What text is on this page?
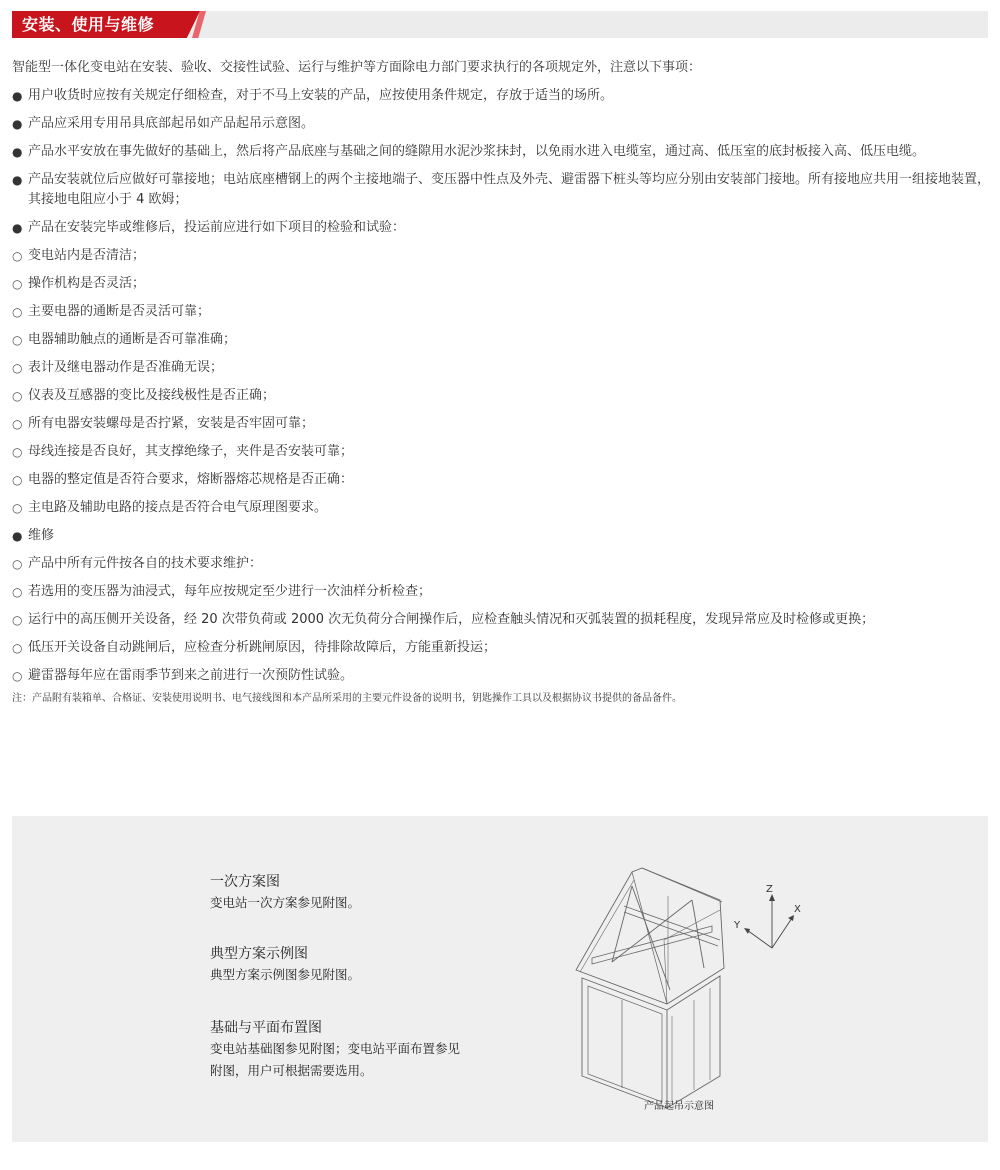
安装、使用与维修

智能型一体化变电站在安装、验收、交接性试验、运行与维护等方面除电力部门要求执行的各项规定外，注意以下事项：

● 用户收货时应按有关规定仔细检查，对于不马上安装的产品，应按使用条件规定，存放于适当的场所。
● 产品应采用专用吊具底部起吊如产品起吊示意图。
● 产品水平安放在事先做好的基础上，然后将产品底座与基础之间的缝隙用水泥沙浆抹封，以免雨水进入电缆室，通过高、低压室的底封板接入高、低压电缆。
● 产品安装就位后应做好可靠接地；电站底座槽钢上的两个主接地端子、变压器中性点及外壳、避雷器下桩头等均应分别由安装部门接地。所有接地应共用一组接地装置，其接地电阻应小于 4 欧姆；
● 产品在安装完毕或维修后，投运前应进行如下项目的检验和试验：
○ 变电站内是否清洁；
○ 操作机构是否灵活；
○ 主要电器的通断是否灵活可靠；
○ 电器辅助触点的通断是否可靠准确；
○ 表计及继电器动作是否准确无误；
○ 仪表及互感器的变比及接线极性是否正确；
○ 所有电器安装螺母是否拧紧，安装是否牢固可靠；
○ 母线连接是否良好，其支撑绝缘子，夹件是否安装可靠；
○ 电器的整定值是否符合要求，熔断器熔芯规格是否正确：
○ 主电路及辅助电路的接点是否符合电气原理图要求。
● 维修
○ 产品中所有元件按各自的技术要求维护：
○ 若选用的变压器为油浸式，每年应按规定至少进行一次油样分析检查；
○ 运行中的高压侧开关设备，经 20 次带负荷或 2000 次无负荷分合闸操作后，应检查触头情况和灭弧装置的损耗程度，发现异常应及时检修或更换；
○ 低压开关设备自动跳闸后，应检查分析跳闸原因，待排除故障后，方能重新投运；
○ 避雷器每年应在雷雨季节到来之前进行一次预防性试验。

注：产品附有装箱单、合格证、安装使用说明书、电气接线图和本产品所采用的主要元件设备的说明书，钥匙操作工具以及根据协议书提供的备品备件。

一次方案图

变电站一次方案参见附图。

典型方案示例图

典型方案示例图参见附图。

基础与平面布置图

变电站基础图参见附图；变电站平面布置参见附图，用户可根据需要选用。

Z
X
Y
产品起吊示意图
